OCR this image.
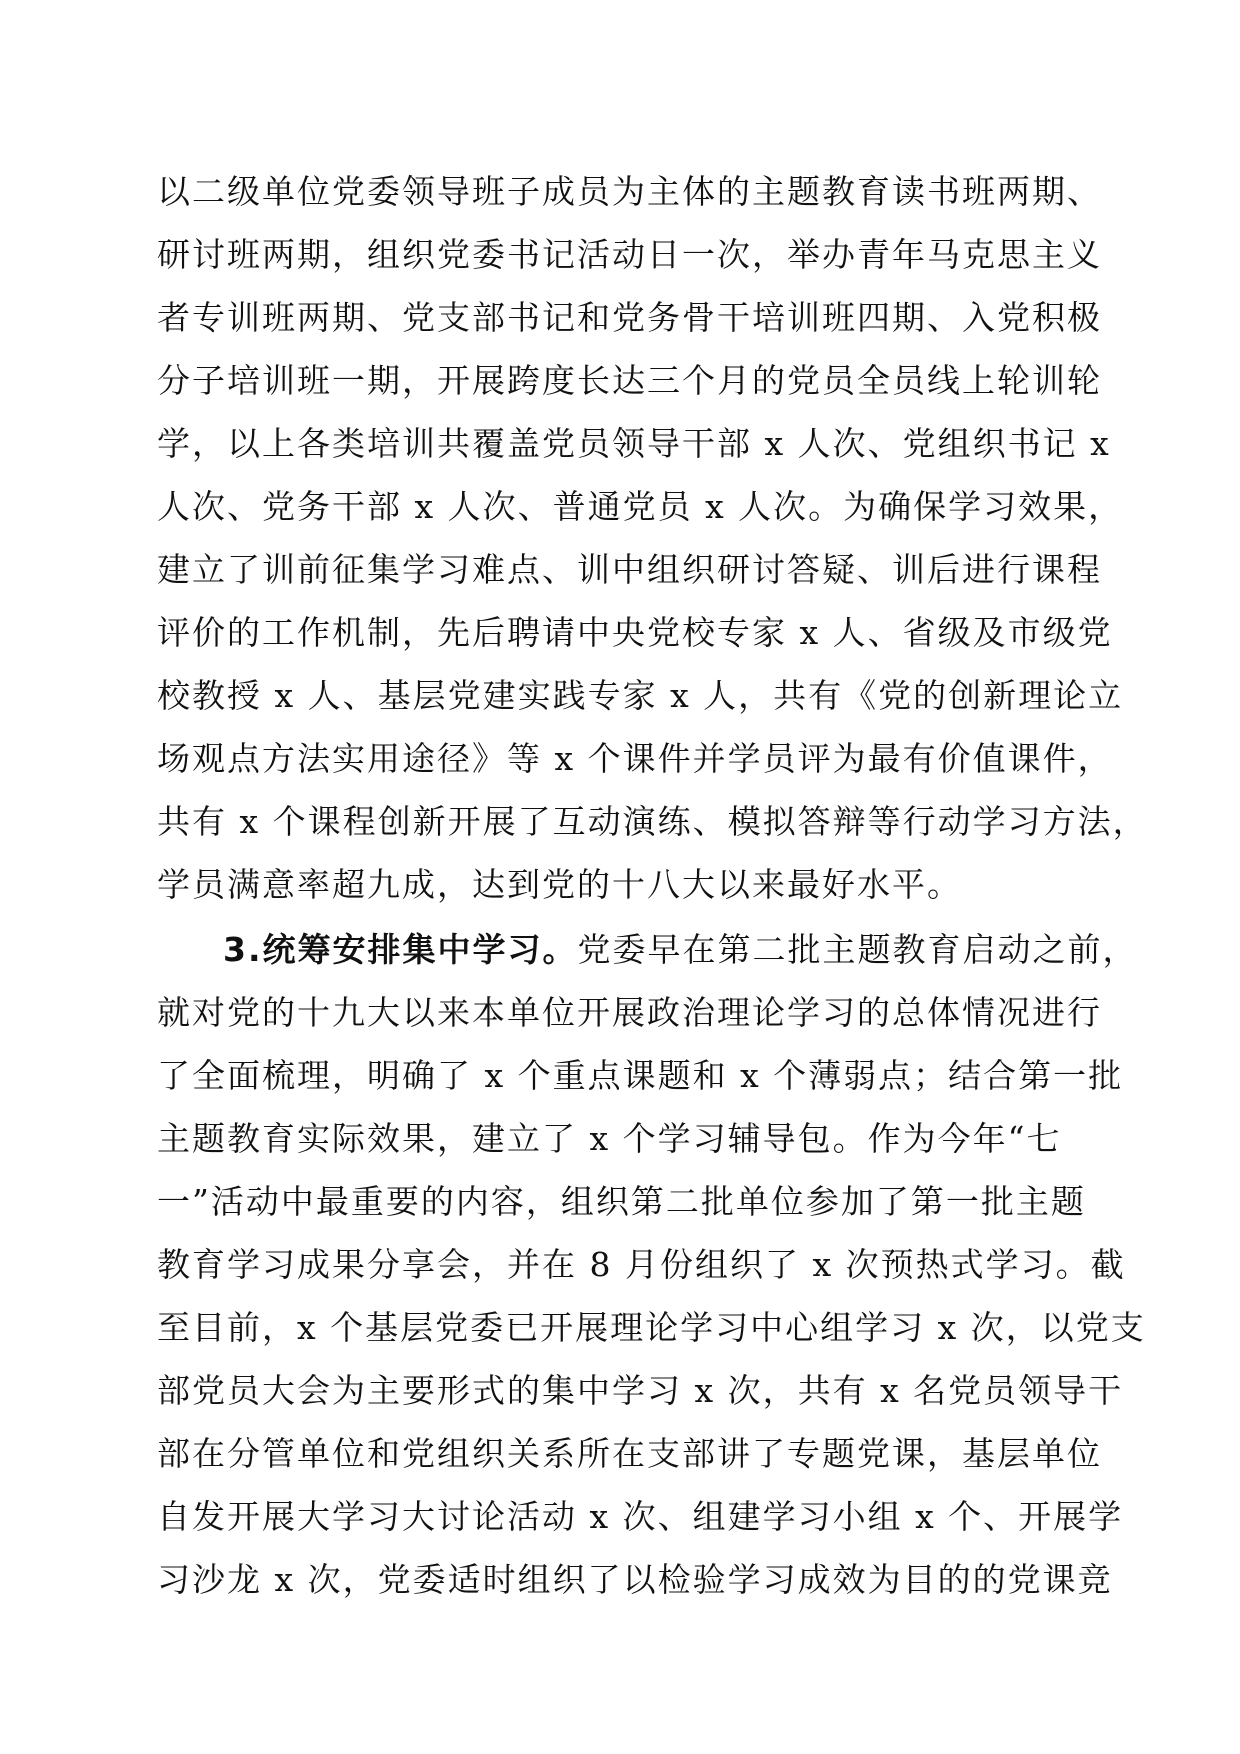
以二级单位党委领导班子成员为主体的主题教育读书班两期、
研讨班两期，组织党委书记活动日一次，举办青年马克思主义
者专训班两期、党支部书记和党务骨干培训班四期、入党积极
分子培训班一期，开展跨度长达三个月的党员全员线上轮训轮
学，以上各类培训共覆盖党员领导干部 x 人次、党组织书记 x
人次、党务干部 x 人次、普通党员 x 人次。为确保学习效果，
建立了训前征集学习难点、训中组织研讨答疑、训后进行课程
评价的工作机制，先后聘请中央党校专家 x 人、省级及市级党
校教授 x 人、基层党建实践专家 x 人，共有《党的创新理论立
场观点方法实用途径》等 x 个课件并学员评为最有价值课件，
共有 x 个课程创新开展了互动演练、模拟答辩等行动学习方法，
学员满意率超九成，达到党的十八大以来最好水平。
3.统筹安排集中学习。党委早在第二批主题教育启动之前，
就对党的十九大以来本单位开展政治理论学习的总体情况进行
了全面梳理，明确了 x 个重点课题和 x 个薄弱点；结合第一批
主题教育实际效果，建立了 x 个学习辅导包。作为今年“七
一”活动中最重要的内容，组织第二批单位参加了第一批主题
教育学习成果分享会，并在 8 月份组织了 x 次预热式学习。截
至目前，x 个基层党委已开展理论学习中心组学习 x 次，以党支
部党员大会为主要形式的集中学习 x 次，共有 x 名党员领导干
部在分管单位和党组织关系所在支部讲了专题党课，基层单位
自发开展大学习大讨论活动 x 次、组建学习小组 x 个、开展学
习沙龙 x 次，党委适时组织了以检验学习成效为目的的党课竞
